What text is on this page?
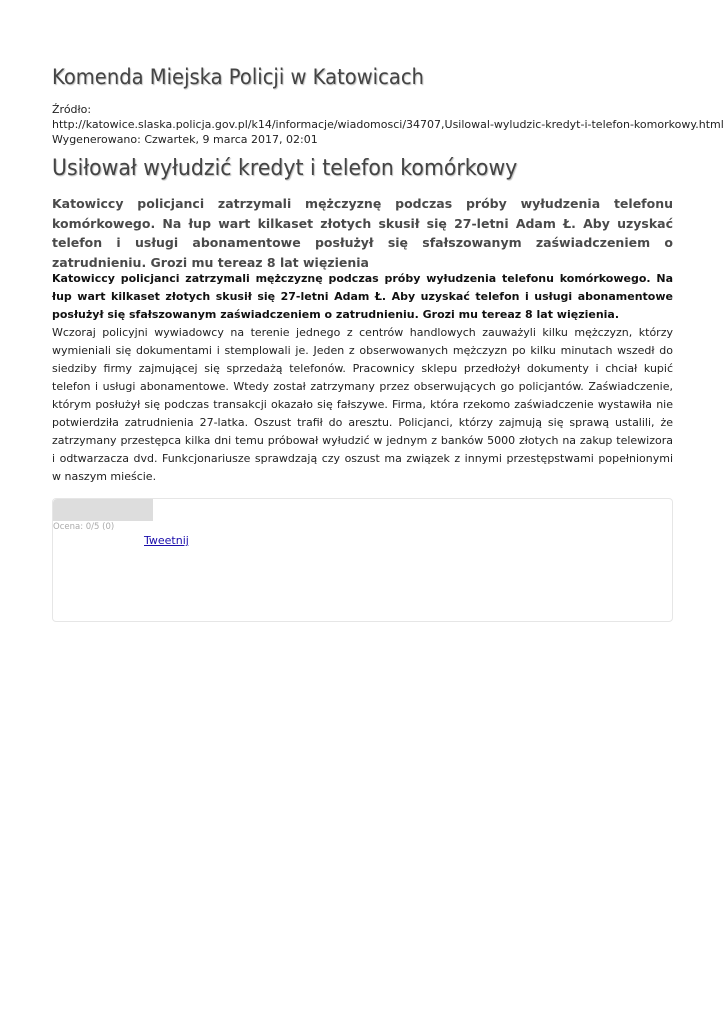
Komenda Miejska Policji w Katowicach
Źródło:
http://katowice.slaska.policja.gov.pl/k14/informacje/wiadomosci/34707,Usilowal-wyludzic-kredyt-i-telefon-komorkowy.html
Wygenerowano: Czwartek, 9 marca 2017, 02:01
Usiłował wyłudzić kredyt i telefon komórkowy

Katowiccy policjanci zatrzymali mężczyznę podczas próby wyłudzenia telefonu komórkowego. Na łup wart kilkaset złotych skusił się 27-letni Adam Ł. Aby uzyskać telefon i usługi abonamentowe posłużył się sfałszowanym zaświadczeniem o zatrudnieniu. Grozi mu tereaz 8 lat więzienia

Katowiccy policjanci zatrzymali mężczyznę podczas próby wyłudzenia telefonu komórkowego. Na łup wart kilkaset złotych skusił się 27-letni Adam Ł. Aby uzyskać telefon i usługi abonamentowe posłużył się sfałszowanym zaświadczeniem o zatrudnieniu. Grozi mu tereaz 8 lat więzienia.

Wczoraj policyjni wywiadowcy na terenie jednego z centrów handlowych zauważyli kilku mężczyzn, którzy wymieniali się dokumentami i stemplowali je. Jeden z obserwowanych mężczyzn po kilku minutach wszedł do siedziby firmy zajmującej się sprzedażą telefonów. Pracownicy sklepu przedłożył dokumenty i chciał kupić telefon i usługi abonamentowe. Wtedy został zatrzymany przez obserwujących go policjantów. Zaświadczenie, którym posłużył się podczas transakcji okazało się fałszywe. Firma, która rzekomo zaświadczenie wystawiła nie potwierdziła zatrudnienia 27-latka. Oszust trafił do aresztu. Policjanci, którzy zajmują się sprawą ustalili, że zatrzymany przestępca kilka dni temu próbował wyłudzić w jednym z banków 5000 złotych na zakup telewizora i odtwarzacza dvd. Funkcjonariusze sprawdzają czy oszust ma związek z innymi przestępstwami popełnionymi w naszym mieście.

Ocena: 0/5 (0)
Tweetnij
